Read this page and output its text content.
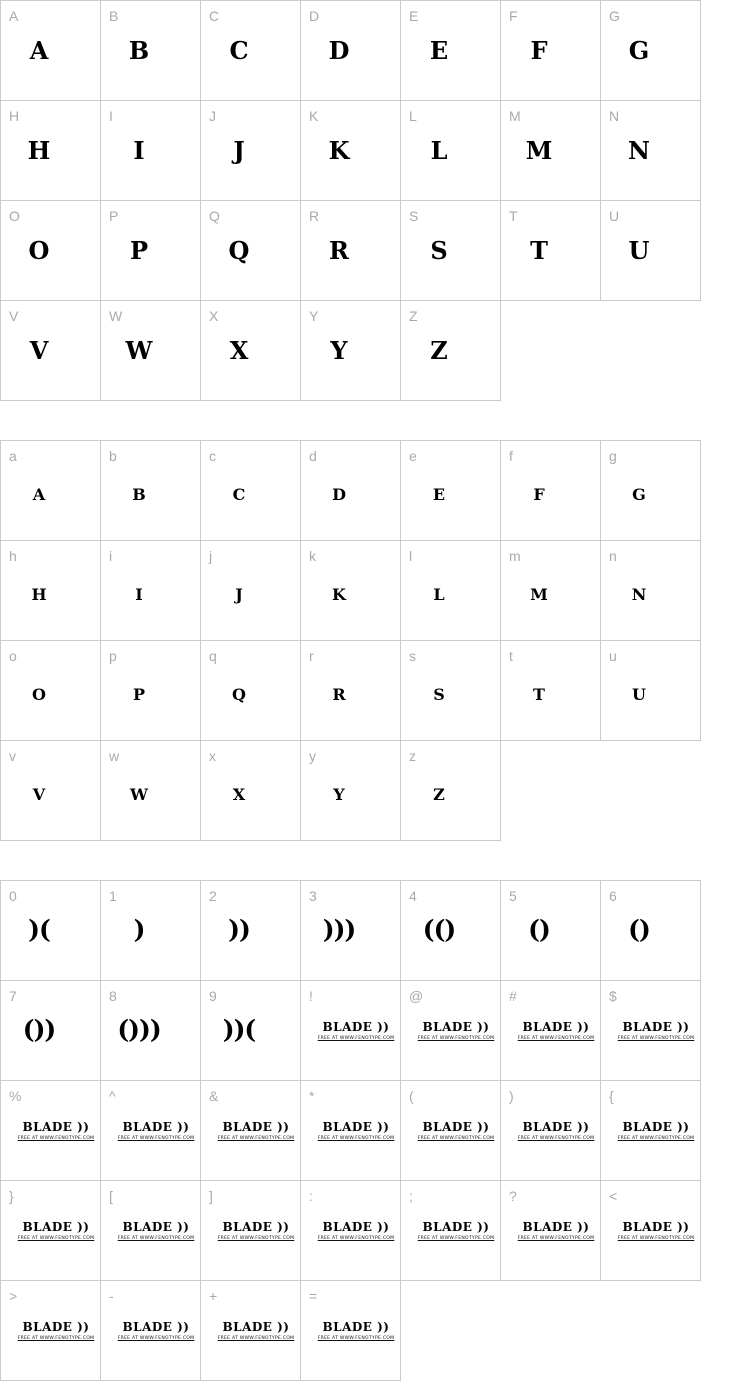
A
A
B
B
C
C
D
D
E
E
F
F
G
G
H
H
I
I
J
J
K
K
L
L
M
M
N
N
O
O
P
P
Q
Q
R
R
S
S
T
T
U
U
V
V
W
W
X
X
Y
Y
Z
Z
a
A
b
B
c
C
d
D
e
E
f
F
g
G
h
H
i
I
j
J
k
K
l
L
m
M
n
N
o
O
p
P
q
Q
r
R
s
S
t
T
u
U
v
V
w
W
x
X
y
Y
z
Z
0
)(
1
)
2
))
3
)))
4
(()
5
()
6
()
7
())
8
()))
9
))(
!
BLADE ))
FREE AT WWW.FENOTYPE.COM
@
BLADE ))
FREE AT WWW.FENOTYPE.COM
#
BLADE ))
FREE AT WWW.FENOTYPE.COM
$
BLADE ))
FREE AT WWW.FENOTYPE.COM
%
BLADE ))
FREE AT WWW.FENOTYPE.COM
^
BLADE ))
FREE AT WWW.FENOTYPE.COM
&
BLADE ))
FREE AT WWW.FENOTYPE.COM
*
BLADE ))
FREE AT WWW.FENOTYPE.COM
(
BLADE ))
FREE AT WWW.FENOTYPE.COM
)
BLADE ))
FREE AT WWW.FENOTYPE.COM
{
BLADE ))
FREE AT WWW.FENOTYPE.COM
}
BLADE ))
FREE AT WWW.FENOTYPE.COM
[
BLADE ))
FREE AT WWW.FENOTYPE.COM
]
BLADE ))
FREE AT WWW.FENOTYPE.COM
:
BLADE ))
FREE AT WWW.FENOTYPE.COM
;
BLADE ))
FREE AT WWW.FENOTYPE.COM
?
BLADE ))
FREE AT WWW.FENOTYPE.COM
<
BLADE ))
FREE AT WWW.FENOTYPE.COM
>
BLADE ))
FREE AT WWW.FENOTYPE.COM
-
BLADE ))
FREE AT WWW.FENOTYPE.COM
+
BLADE ))
FREE AT WWW.FENOTYPE.COM
=
BLADE ))
FREE AT WWW.FENOTYPE.COM
